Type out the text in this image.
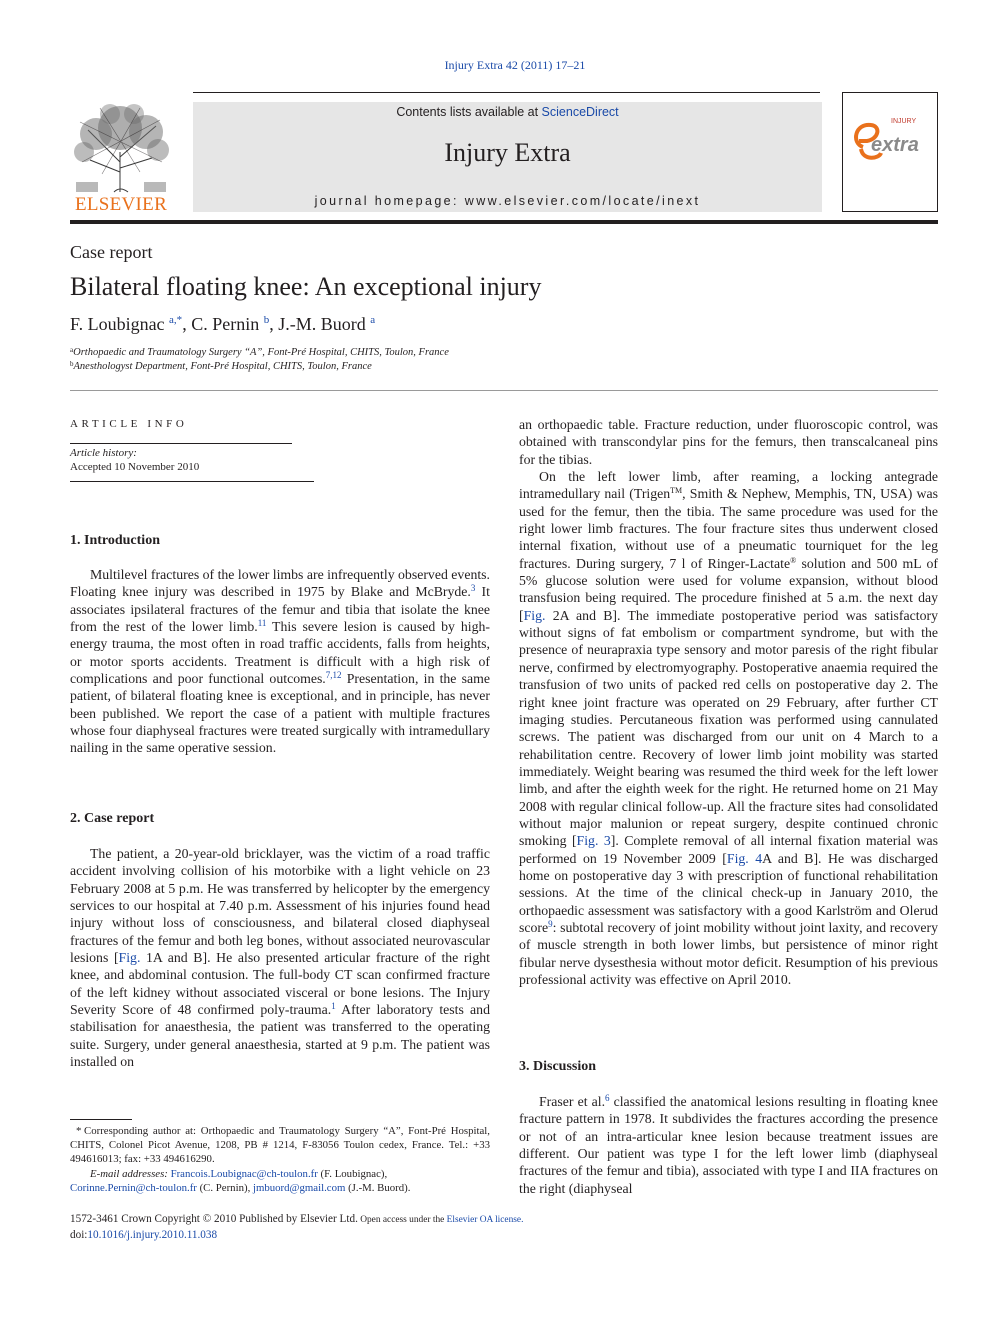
Injury Extra 42 (2011) 17–21
ELSEVIER
Contents lists available at ScienceDirect
Injury Extra
journal homepage: www.elsevier.com/locate/inext
INJURY
extra
Case report
Bilateral floating knee: An exceptional injury
F. Loubignac $^{a,*}$, C. Pernin $^b$, J.-M. Buord $^a$
$^a$Orthopaedic and Traumatology Surgery “A”, Font-Pré Hospital, CHITS, Toulon, France
$^b$Anesthologyst Department, Font-Pré Hospital, CHITS, Toulon, France
ARTICLE INFO
Article history:
Accepted 10 November 2010
1. Introduction

Multilevel fractures of the lower limbs are infrequently observed events. Floating knee injury was described in 1975 by Blake and McBryde.$^3$ It associates ipsilateral fractures of the femur and tibia that isolate the knee from the rest of the lower limb.$^{11}$ This severe lesion is caused by high-energy trauma, the most often in road traffic accidents, falls from heights, or motor sports accidents. Treatment is difficult with a high risk of complications and poor functional outcomes.$^{7,12}$ Presentation, in the same patient, of bilateral floating knee is exceptional, and in principle, has never been published. We report the case of a patient with multiple fractures whose four diaphyseal fractures were treated surgically with intramedullary nailing in the same operative session.

2. Case report

The patient, a 20-year-old bricklayer, was the victim of a road traffic accident involving collision of his motorbike with a light vehicle on 23 February 2008 at 5 p.m. He was transferred by helicopter by the emergency services to our hospital at 7.40 p.m. Assessment of his injuries found head injury without loss of consciousness, and bilateral closed diaphyseal fractures of the femur and both leg bones, without associated neurovascular lesions [Fig. 1A and B]. He also presented articular fracture of the right knee, and abdominal contusion. The full-body CT scan confirmed fracture of the left kidney without associated visceral or bone lesions. The Injury Severity Score of 48 confirmed poly-trauma.$^1$ After laboratory tests and stabilisation for anaesthesia, the patient was transferred to the operating suite. Surgery, under general anaesthesia, started at 9 p.m. The patient was installed on

an orthopaedic table. Fracture reduction, under fluoroscopic control, was obtained with transcondylar pins for the femurs, then transcalcaneal pins for the tibias.

On the left lower limb, after reaming, a locking antegrade intramedullary nail (Trigen™, Smith & Nephew, Memphis, TN, USA) was used for the femur, then the tibia. The same procedure was used for the right lower limb fractures. The four fracture sites thus underwent closed internal fixation, without use of a pneumatic tourniquet for the leg fractures. During surgery, 7 l of Ringer-Lactate® solution and 500 mL of 5% glucose solution were used for volume expansion, without blood transfusion being required. The procedure finished at 5 a.m. the next day [Fig. 2A and B]. The immediate postoperative period was satisfactory without signs of fat embolism or compartment syndrome, but with the presence of neurapraxia type sensory and motor paresis of the right fibular nerve, confirmed by electromyography. Postoperative anaemia required the transfusion of two units of packed red cells on postoperative day 2. The right knee joint fracture was operated on 29 February, after further CT imaging studies. Percutaneous fixation was performed using cannulated screws. The patient was discharged from our unit on 4 March to a rehabilitation centre. Recovery of lower limb joint mobility was started immediately. Weight bearing was resumed the third week for the left lower limb, and after the eighth week for the right. He returned home on 21 May 2008 with regular clinical follow-up. All the fracture sites had consolidated without major malunion or repeat surgery, despite continued chronic smoking [Fig. 3]. Complete removal of all internal fixation material was performed on 19 November 2009 [Fig. 4A and B]. He was discharged home on postoperative day 3 with prescription of functional rehabilitation sessions. At the time of the clinical check-up in January 2010, the orthopaedic assessment was satisfactory with a good Karlström and Olerud score$^9$: subtotal recovery of joint mobility without joint laxity, and recovery of muscle strength in both lower limbs, but persistence of minor right fibular nerve dysesthesia without motor deficit. Resumption of his previous professional activity was effective on April 2010.

3. Discussion

Fraser et al.$^6$ classified the anatomical lesions resulting in floating knee fracture pattern in 1978. It subdivides the fractures according the presence or not of an intra-articular knee lesion because treatment issues are different. Our patient was type I for the left lower limb (diaphyseal fractures of the femur and tibia), associated with type I and IIA fractures on the right (diaphyseal

* Corresponding author at: Orthopaedic and Traumatology Surgery “A”, Font-Pré Hospital, CHITS, Colonel Picot Avenue, 1208, PB # 1214, F-83056 Toulon cedex, France. Tel.: +33 494616013; fax: +33 494616290.
E-mail addresses: Francois.Loubignac@ch-toulon.fr (F. Loubignac),
Corinne.Pernin@ch-toulon.fr (C. Pernin), jmbuord@gmail.com (J.-M. Buord).
1572-3461 Crown Copyright © 2010 Published by Elsevier Ltd. Open access under the Elsevier OA license.
doi:10.1016/j.injury.2010.11.038
